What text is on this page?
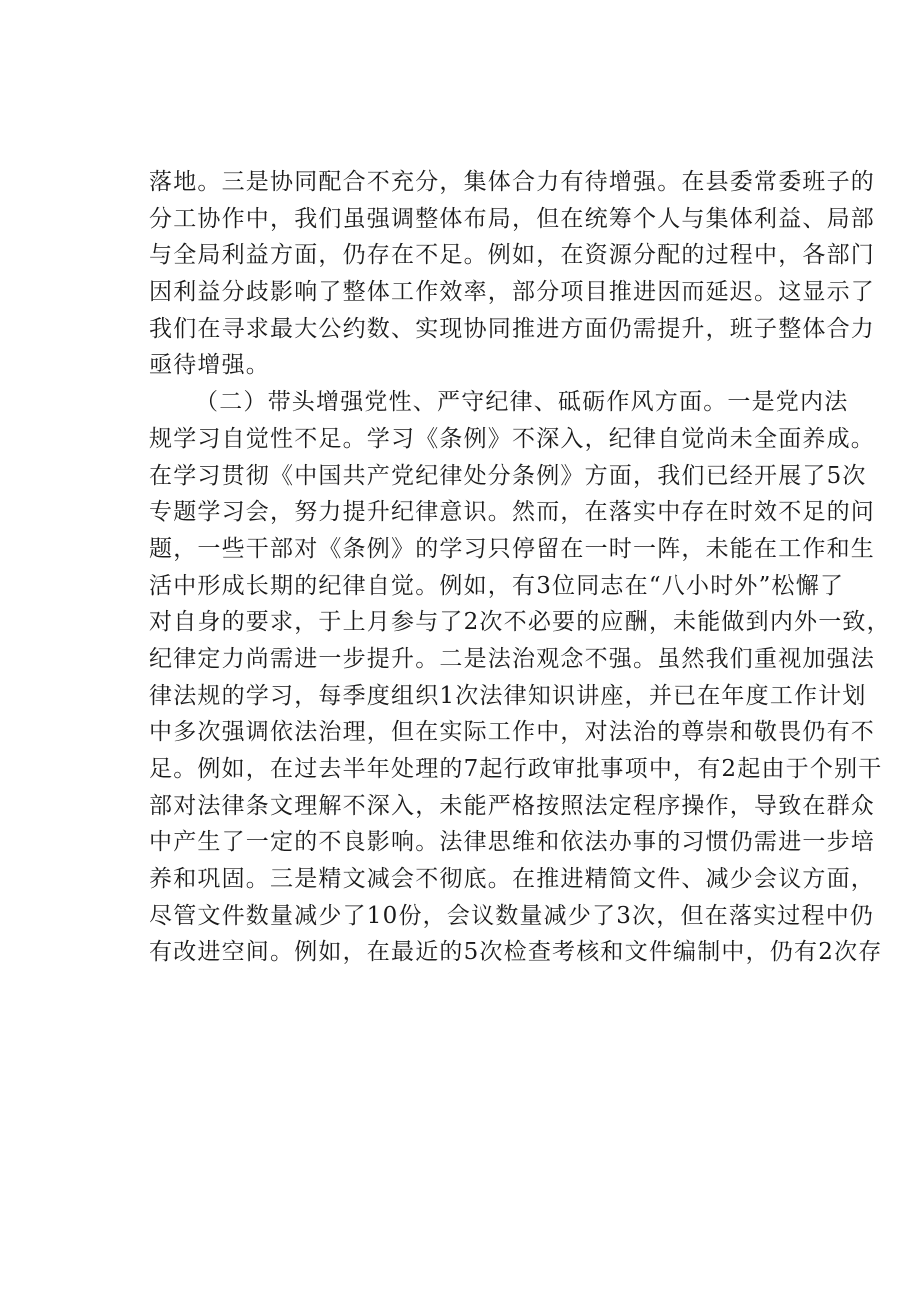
落地。三是协同配合不充分，集体合力有待增强。在县委常委班子的
分工协作中，我们虽强调整体布局，但在统筹个人与集体利益、局部
与全局利益方面，仍存在不足。例如，在资源分配的过程中，各部门
因利益分歧影响了整体工作效率，部分项目推进因而延迟。这显示了
我们在寻求最大公约数、实现协同推进方面仍需提升，班子整体合力
亟待增强。
（二）带头增强党性、严守纪律、砥砺作风方面。一是党内法
规学习自觉性不足。学习《条例》不深入，纪律自觉尚未全面养成。
在学习贯彻《中国共产党纪律处分条例》方面，我们已经开展了5次
专题学习会，努力提升纪律意识。然而，在落实中存在时效不足的问
题，一些干部对《条例》的学习只停留在一时一阵，未能在工作和生
活中形成长期的纪律自觉。例如，有3位同志在“八小时外”松懈了
对自身的要求，于上月参与了2次不必要的应酬，未能做到内外一致，
纪律定力尚需进一步提升。二是法治观念不强。虽然我们重视加强法
律法规的学习，每季度组织1次法律知识讲座，并已在年度工作计划
中多次强调依法治理，但在实际工作中，对法治的尊崇和敬畏仍有不
足。例如，在过去半年处理的7起行政审批事项中，有2起由于个别干
部对法律条文理解不深入，未能严格按照法定程序操作，导致在群众
中产生了一定的不良影响。法律思维和依法办事的习惯仍需进一步培
养和巩固。三是精文减会不彻底。在推进精简文件、减少会议方面，
尽管文件数量减少了10份，会议数量减少了3次，但在落实过程中仍
有改进空间。例如，在最近的5次检查考核和文件编制中，仍有2次存
